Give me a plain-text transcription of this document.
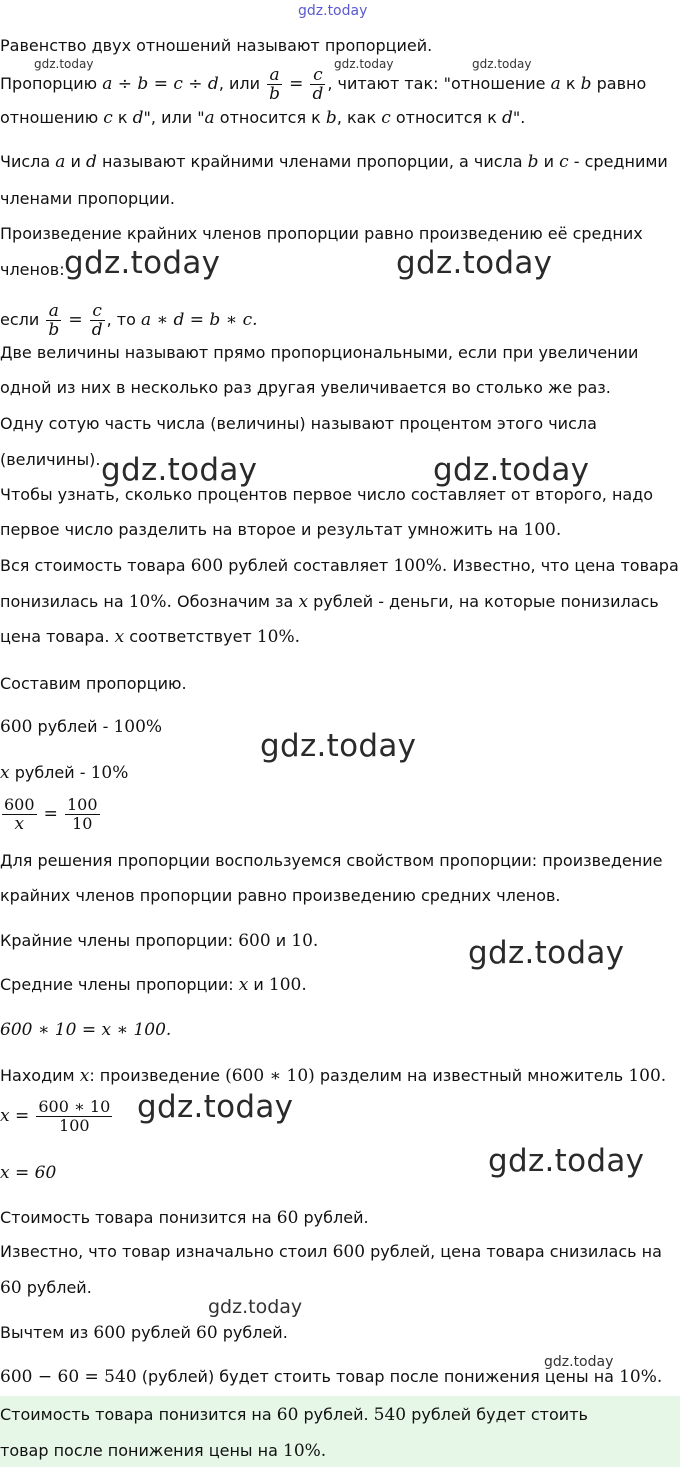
gdz.today
Равенство двух отношений называют пропорцией.
Пропорцию a ÷ b = c ÷ d, или $\frac{a}{b} = \frac{c}{d}$ , читают так: "отношение a к b равно
отношению c к d", или "a относится к b, как c относится к d".
Числа a и d называют крайними членами пропорции, а числа b и c - средними
членами пропорции.
Произведение крайних членов пропорции равно произведению её средних
членов:
если $\frac{a}{b} = \frac{c}{d}$ , то a ∗ d = b ∗ c.
Две величины называют прямо пропорциональными, если при увеличении
одной из них в несколько раз другая увеличивается во столько же раз.
Одну сотую часть числа (величины) называют процентом этого числа
(величины).
Чтобы узнать, сколько процентов первое число составляет от второго, надо
первое число разделить на второе и результат умножить на 100.
Вся стоимость товара 600 рублей составляет 100%. Известно, что цена товара
понизилась на 10%. Обозначим за x рублей - деньги, на которые понизилась
цена товара. x соответствует 10%.
Составим пропорцию.
600 рублей - 100%
x рублей - 10%
$\frac{600}{x} = \frac{100}{10}$
Для решения пропорции воспользуемся свойством пропорции: произведение
крайних членов пропорции равно произведению средних членов.
Крайние члены пропорции: 600 и 10.
Средние члены пропорции: x и 100.
600 ∗ 10 = x ∗ 100.
Находим x: произведение (600 ∗ 10) разделим на известный множитель 100.
$x = \frac{600 ∗ 10}{100}$
x = 60
Стоимость товара понизится на 60 рублей.
Известно, что товар изначально стоил 600 рублей, цена товара снизилась на
60 рублей.
Вычтем из 600 рублей 60 рублей.
600 − 60 = 540 (рублей) будет стоить товар после понижения цены на 10%.
Стоимость товара понизится на 60 рублей. 540 рублей будет стоить
товар после понижения цены на 10%.
gdz.today	gdz.today	gdz.today
gdz.today	gdz.today
gdz.today	gdz.today
gdz.today
gdz.today
gdz.today
gdz.today
gdz.today
gdz.today
